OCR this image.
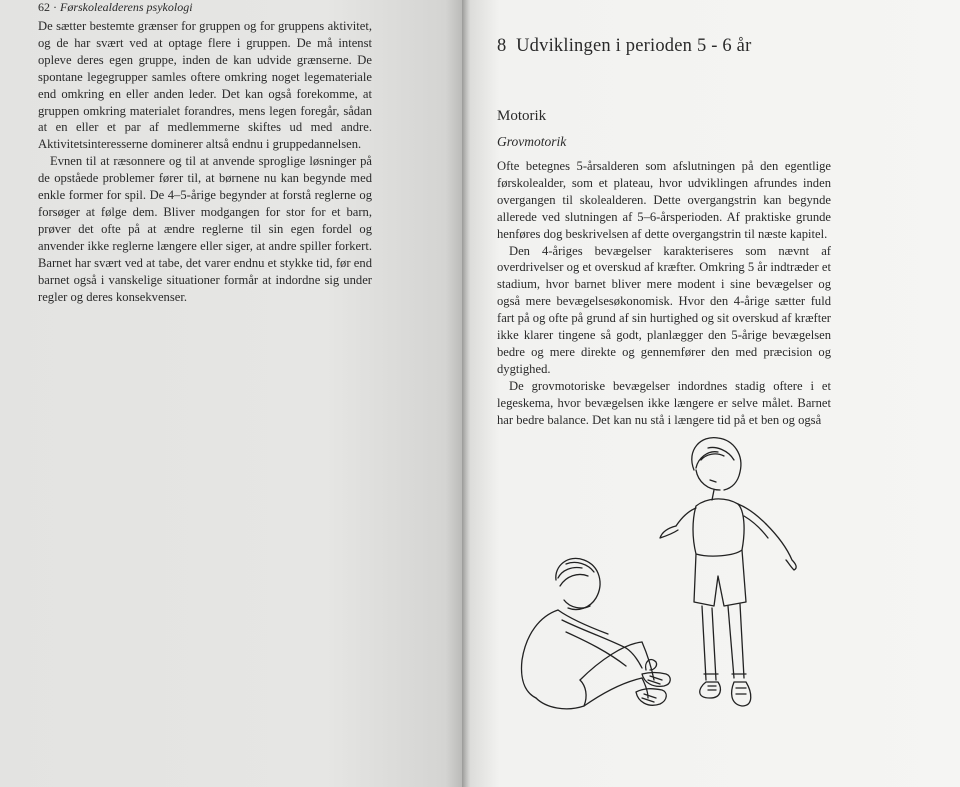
62 · Førskolealderens psykologi

De sætter bestemte grænser for gruppen og for gruppens aktivitet, og de har svært ved at optage flere i gruppen. De må intenst opleve deres egen gruppe, inden de kan udvide grænserne. De spontane legegrupper samles oftere omkring noget legemateriale end omkring en eller anden leder. Det kan også forekomme, at gruppen omkring materialet forandres, mens legen foregår, sådan at en eller et par af medlemmerne skiftes ud med andre. Aktivitetsinteresserne dominerer altså endnu i gruppedannelsen.

Evnen til at ræsonnere og til at anvende sproglige løsninger på de opståede problemer fører til, at børnene nu kan begynde med enkle former for spil. De 4–5-årige begynder at forstå reglerne og forsøger at følge dem. Bliver modgangen for stor for et barn, prøver det ofte på at ændre reglerne til sin egen fordel og anvender ikke reglerne længere eller siger, at andre spiller forkert. Barnet har svært ved at tabe, det varer endnu et stykke tid, før end barnet også i vanskelige situationer formår at indordne sig under regler og deres konsekvenser.

8 Udviklingen i perioden 5 - 6 år
Motorik
Grovmotorik

Ofte betegnes 5-årsalderen som afslutningen på den egentlige førskolealder, som et plateau, hvor udviklingen afrundes inden overgangen til skolealderen. Dette overgangstrin kan begynde allerede ved slutningen af 5–6-årsperioden. Af praktiske grunde henføres dog beskrivelsen af dette overgangstrin til næste kapitel.

Den 4-åriges bevægelser karakteriseres som nævnt af overdrivelser og et overskud af kræfter. Omkring 5 år indtræder et stadium, hvor barnet bliver mere modent i sine bevægelser og også mere bevægelsesøkonomisk. Hvor den 4-årige sætter fuld fart på og ofte på grund af sin hurtighed og sit overskud af kræfter ikke klarer tingene så godt, planlægger den 5-årige bevægelsen bedre og mere direkte og gennemfører den med præcision og dygtighed.

De grovmotoriske bevægelser indordnes stadig oftere i et legeskema, hvor bevægelsen ikke længere er selve målet. Barnet har bedre balance. Det kan nu stå i længere tid på et ben og også
